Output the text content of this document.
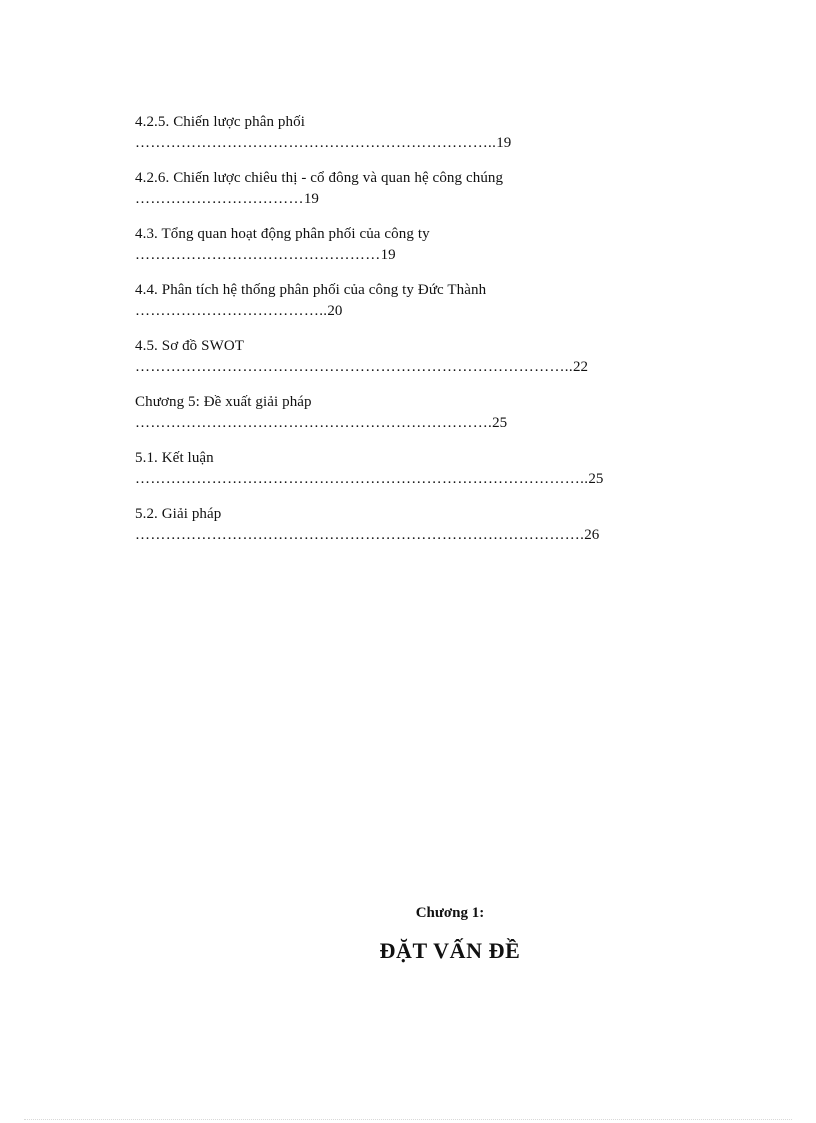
4.2.5. Chiến lược phân phối
……………………………………………………………..19
4.2.6. Chiến lược chiêu thị - cổ đông và quan hệ công chúng
……………………………19
4.3. Tổng quan hoạt động phân phối của công ty
…………………………………………19
4.4. Phân tích hệ thống phân phối của công ty Đức Thành
………………………………..20
4.5. Sơ đồ SWOT
…………………………………………………………………………..22
Chương 5: Đề xuất giải pháp
…………………………………………………………….25
5.1. Kết luận
……………………………………………………………………………..25
5.2. Giải pháp
…………………………………………………………………………….26
Chương 1:
ĐẶT VẤN ĐỀ
